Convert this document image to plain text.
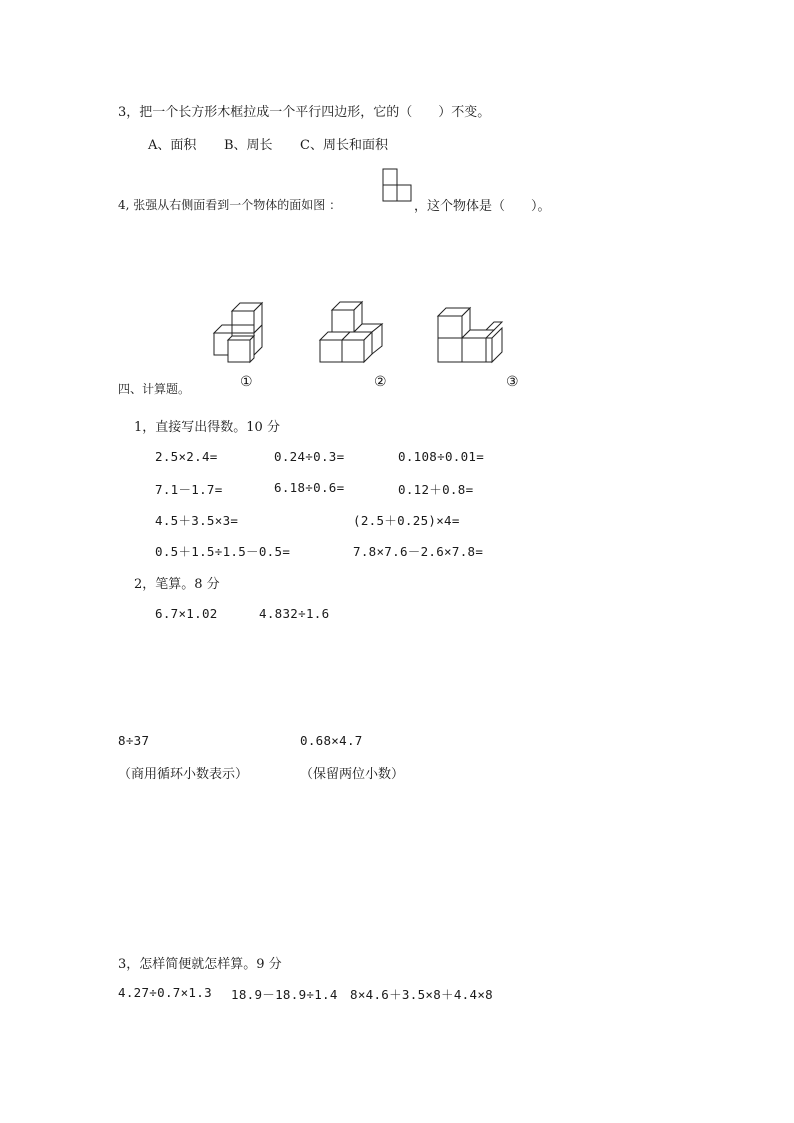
3，把一个长方形木框拉成一个平行四边形，它的（　　）不变。
A、面积 B、周长 C、周长和面积
4, 张强从右侧面看到一个物体的面如图 ：	，这个物体是（　　）。
①	②	③
四、计算题。
1，直接写出得数。10 分
2.5×2.4=	0.24÷0.3=	0.108÷0.01=
7.1－1.7=	6.18÷0.6=	0.12＋0.8=
4.5＋3.5×3=	(2.5＋0.25)×4=
0.5＋1.5÷1.5－0.5=	7.8×7.6－2.6×7.8=
2，笔算。8 分
6.7×1.02	4.832÷1.6
8÷37	0.68×4.7
（商用循环小数表示）	（保留两位小数）
3，怎样简便就怎样算。9 分
4.27÷0.7×1.3 18.9－18.9÷1.4 8×4.6＋3.5×8＋4.4×8
